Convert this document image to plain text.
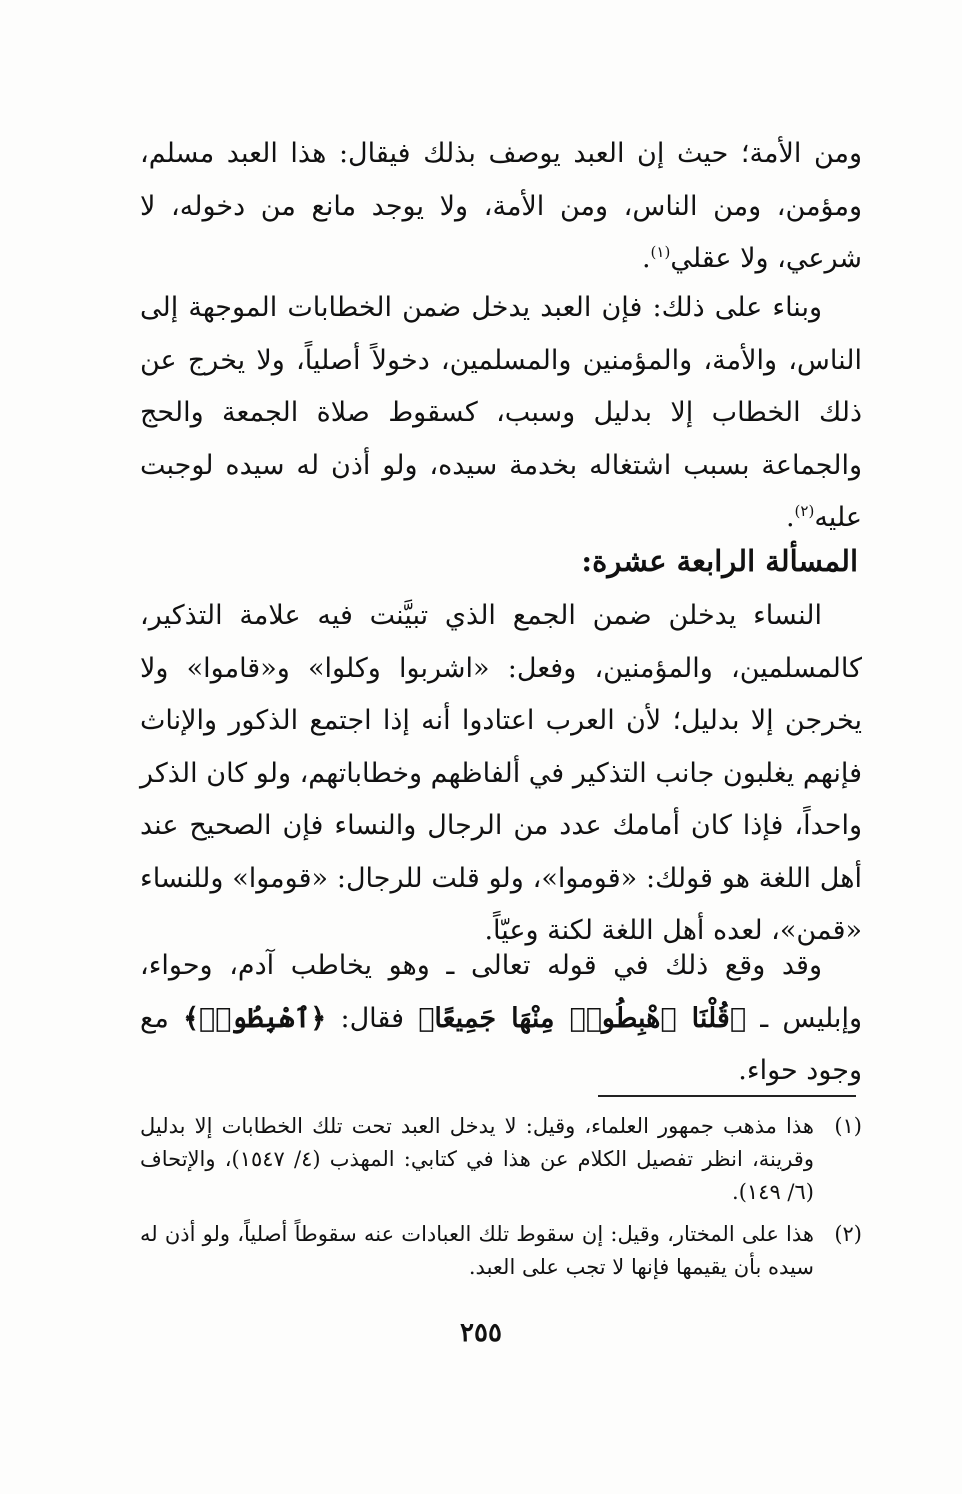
ومن الأمة؛ حيث إن العبد يوصف بذلك فيقال: هذا العبد مسلم، ومؤمن، ومن الناس، ومن الأمة، ولا يوجد مانع من دخوله، لا شرعي، ولا عقلي$^{(١)}$.

وبناء على ذلك: فإن العبد يدخل ضمن الخطابات الموجهة إلى الناس، والأمة، والمؤمنين والمسلمين، دخولاً أصلياً، ولا يخرج عن ذلك الخطاب إلا بدليل وسبب، كسقوط صلاة الجمعة والحج والجماعة بسبب اشتغاله بخدمة سيده، ولو أذن له سيده لوجبت عليه$^{(٢)}$.

المسألة الرابعة عشرة:

النساء يدخلن ضمن الجمع الذي تبيَّنت فيه علامة التذكير، كالمسلمين، والمؤمنين، وفعل: «اشربوا وكلوا» و«قاموا» ولا يخرجن إلا بدليل؛ لأن العرب اعتادوا أنه إذا اجتمع الذكور والإناث فإنهم يغلبون جانب التذكير في ألفاظهم وخطاباتهم، ولو كان الذكر واحداً، فإذا كان أمامك عدد من الرجال والنساء فإن الصحيح عند أهل اللغة هو قولك: «قوموا»، ولو قلت للرجال: «قوموا» وللنساء «قمن»، لعده أهل اللغة لكنة وعيّاً.

وقد وقع ذلك في قوله تعالى ـ وهو يخاطب آدم، وحواء، وإبليس ـ ﴿قُلْنَا ٱهْبِطُوا۟ مِنْهَا جَمِيعًا﴾ فقال: ﴿ٱهْبِطُوا۟﴾ مع وجود حواء.

(١)
هذا مذهب جمهور العلماء، وقيل: لا يدخل العبد تحت تلك الخطابات إلا بدليل وقرينة، انظر تفصيل الكلام عن هذا في كتابي: المهذب (٤/ ١٥٤٧)، والإتحاف (٦/ ١٤٩).
(٢)
هذا على المختار، وقيل: إن سقوط تلك العبادات عنه سقوطاً أصلياً، ولو أذن له سيده بأن يقيمها فإنها لا تجب على العبد.
٢٥٥
